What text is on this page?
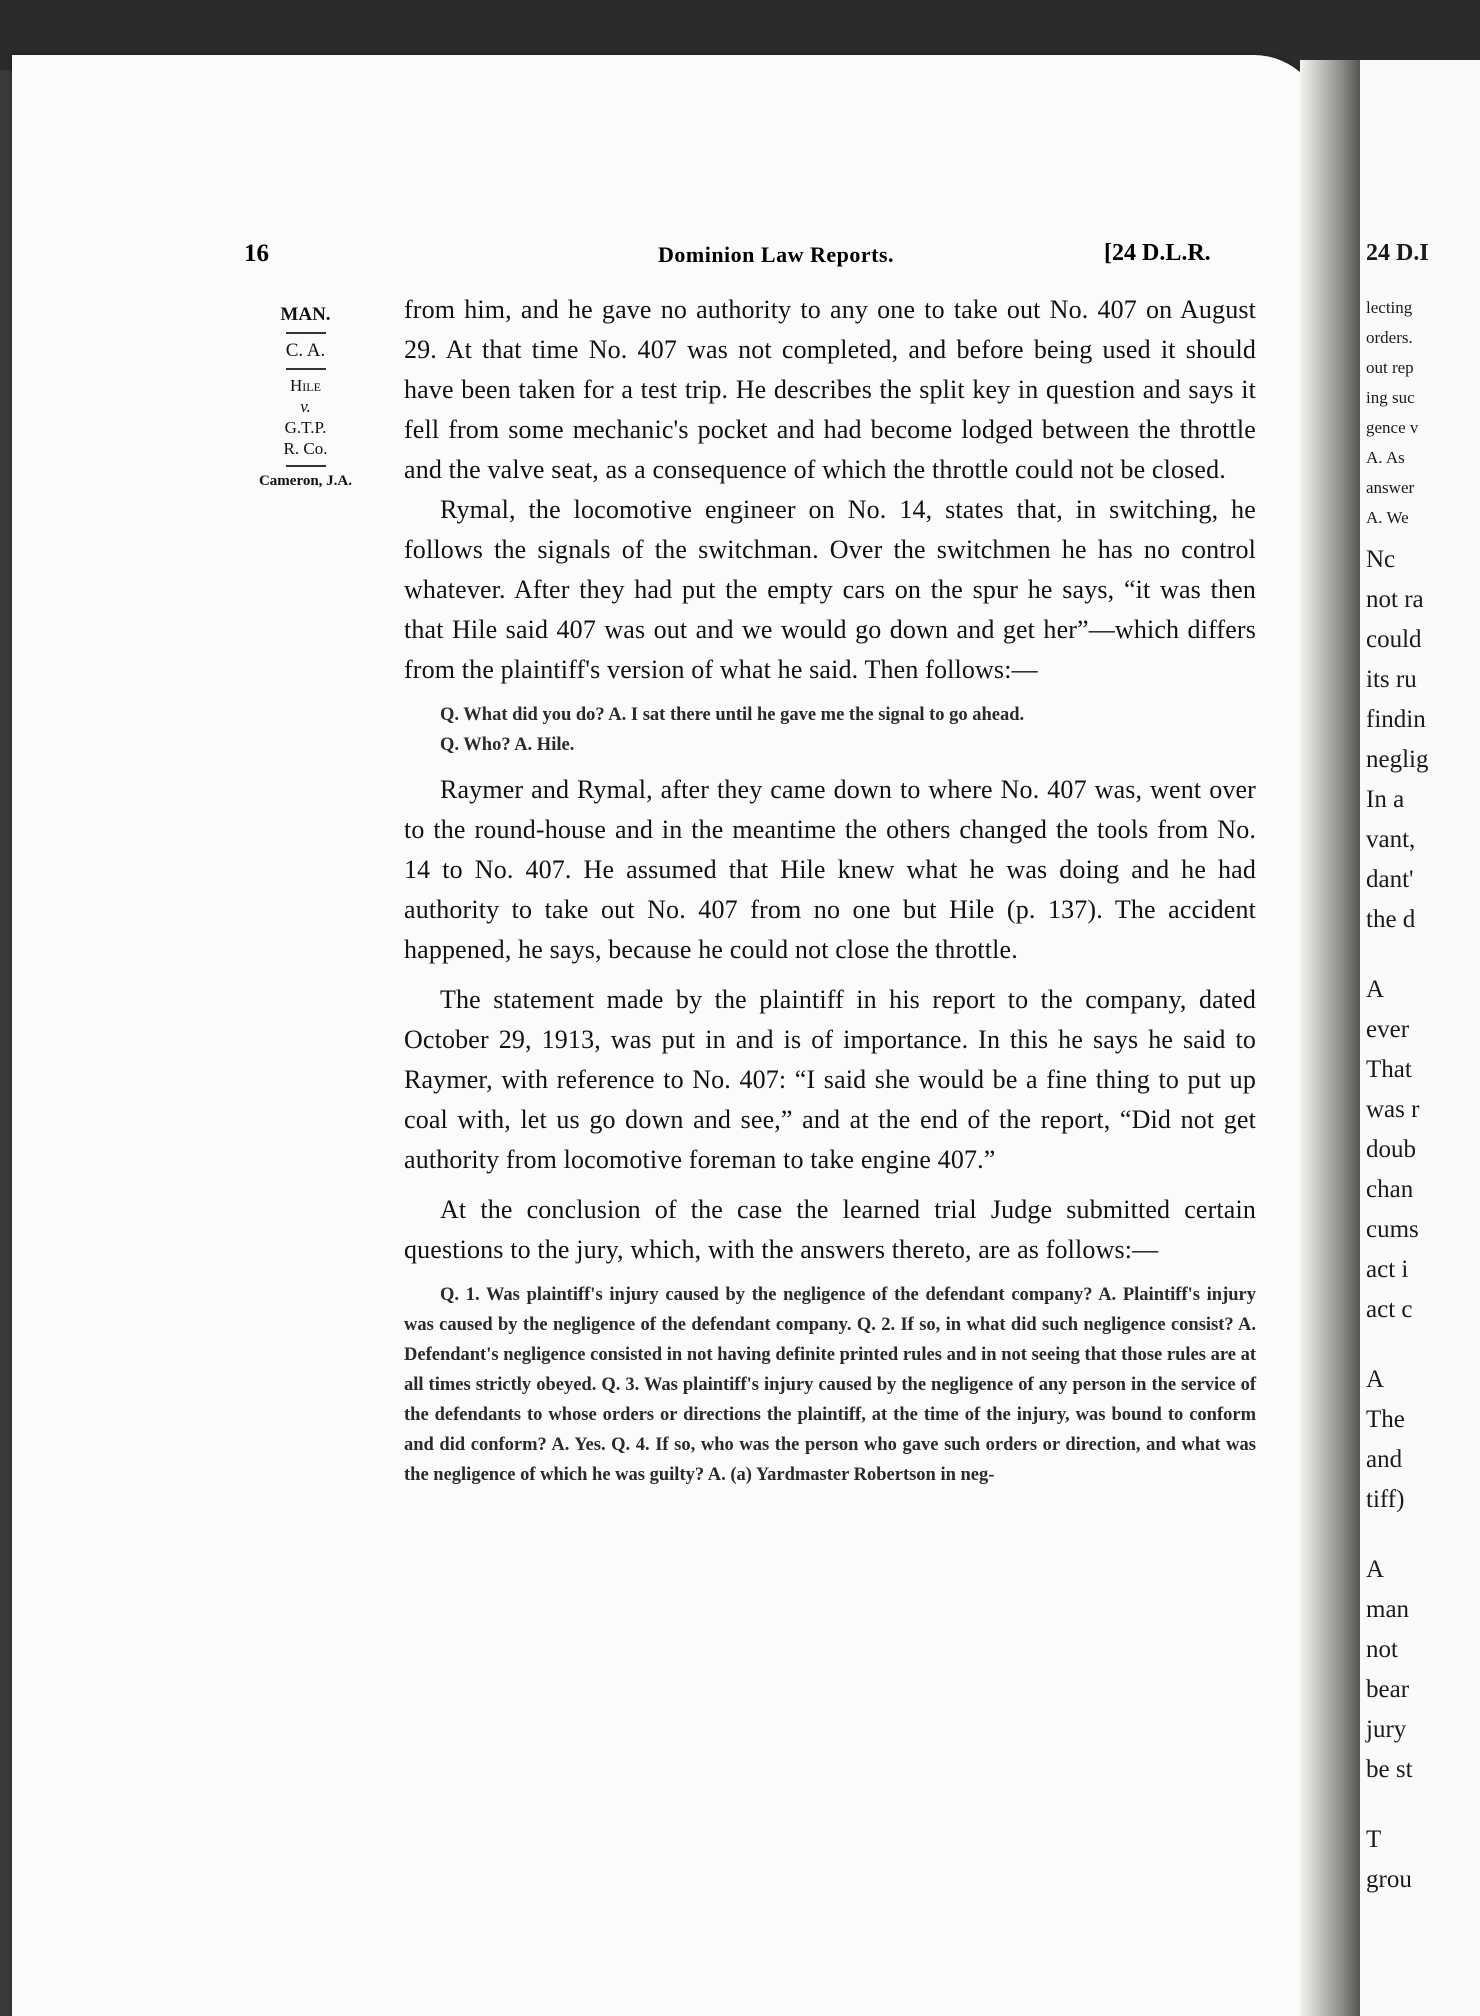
24 D.I
lecting
orders.
out rep
ing suc
gence v
A. As
answer
A. We
Nc
not ra
could
its ru
findin
neglig
In a
vant,
dant'
the d
A
ever
That
was r
doub
chan
cums
act i
act c
A
The
and
tiff)
A
man
not
bear
jury
be st
T
grou
16	Dominion Law Reports.	[24 D.L.R.
MAN.
C. A.
Hile
v.
G.T.P.
R. Co.
Cameron, J.A.

from him, and he gave no authority to any one to take out No. 407 on August 29. At that time No. 407 was not completed, and before being used it should have been taken for a test trip. He describes the split key in question and says it fell from some mechanic's pocket and had become lodged between the throttle and the valve seat, as a consequence of which the throttle could not be closed.

Rymal, the locomotive engineer on No. 14, states that, in switching, he follows the signals of the switchman. Over the switchmen he has no control whatever. After they had put the empty cars on the spur he says, “it was then that Hile said 407 was out and we would go down and get her”—which differs from the plaintiff's version of what he said. Then follows:—

Q. What did you do? A. I sat there until he gave me the signal to go ahead.

Q. Who? A. Hile.

Raymer and Rymal, after they came down to where No. 407 was, went over to the round-house and in the meantime the others changed the tools from No. 14 to No. 407. He assumed that Hile knew what he was doing and he had authority to take out No. 407 from no one but Hile (p. 137). The accident happened, he says, because he could not close the throttle.

The statement made by the plaintiff in his report to the company, dated October 29, 1913, was put in and is of importance. In this he says he said to Raymer, with reference to No. 407: “I said she would be a fine thing to put up coal with, let us go down and see,” and at the end of the report, “Did not get authority from locomotive foreman to take engine 407.”

At the conclusion of the case the learned trial Judge submitted certain questions to the jury, which, with the answers thereto, are as follows:—

Q. 1. Was plaintiff's injury caused by the negligence of the defendant company? A. Plaintiff's injury was caused by the negligence of the defendant company. Q. 2. If so, in what did such negligence consist? A. Defendant's negligence consisted in not having definite printed rules and in not seeing that those rules are at all times strictly obeyed. Q. 3. Was plaintiff's injury caused by the negligence of any person in the service of the defendants to whose orders or directions the plaintiff, at the time of the injury, was bound to conform and did conform? A. Yes. Q. 4. If so, who was the person who gave such orders or direction, and what was the negligence of which he was guilty? A. (a) Yardmaster Robertson in neg-
